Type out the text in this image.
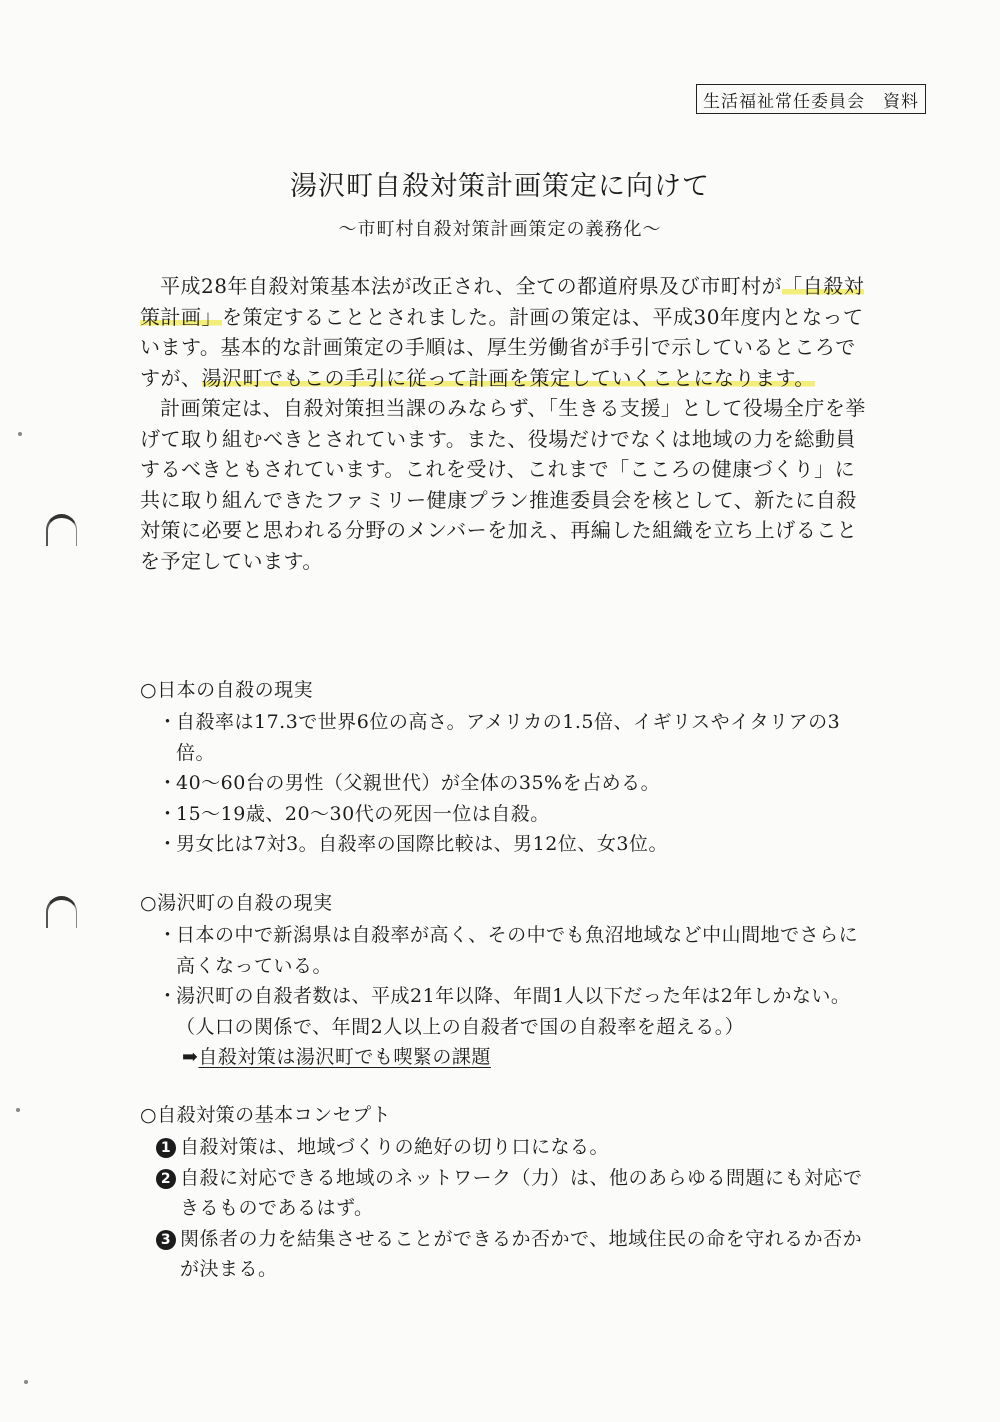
生活福祉常任委員会　資料
湯沢町自殺対策計画策定に向けて
～市町村自殺対策計画策定の義務化～

平成28年自殺対策基本法が改正され、全ての都道府県及び市町村が「自殺対策計画」を策定することとされました。計画の策定は、平成30年度内となっています。基本的な計画策定の手順は、厚生労働省が手引で示しているところですが、湯沢町でもこの手引に従って計画を策定していくことになります。

計画策定は、自殺対策担当課のみならず、「生きる支援」として役場全庁を挙げて取り組むべきとされています。また、役場だけでなくは地域の力を総動員するべきともされています。これを受け、これまで「こころの健康づくり」に共に取り組んできたファミリー健康プラン推進委員会を核として、新たに自殺対策に必要と思われる分野のメンバーを加え、再編した組織を立ち上げることを予定しています。

○日本の自殺の現実
・
自殺率は17.3で世界6位の高さ。アメリカの1.5倍、イギリスやイタリアの3倍。
・
40～60台の男性（父親世代）が全体の35%を占める。
・
15～19歳、20～30代の死因一位は自殺。
・
男女比は7対3。自殺率の国際比較は、男12位、女3位。
○湯沢町の自殺の現実
・
日本の中で新潟県は自殺率が高く、その中でも魚沼地域など中山間地でさらに高くなっている。
・
湯沢町の自殺者数は、平成21年以降、年間1人以下だった年は2年しかない。（人口の関係で、年間2人以上の自殺者で国の自殺率を超える。）
➡自殺対策は湯沢町でも喫緊の課題
○自殺対策の基本コンセプト
1 自殺対策は、地域づくりの絶好の切り口になる。
2 自殺に対応できる地域のネットワーク（力）は、他のあらゆる問題にも対応できるものであるはず。
3 関係者の力を結集させることができるか否かで、地域住民の命を守れるか否かが決まる。
